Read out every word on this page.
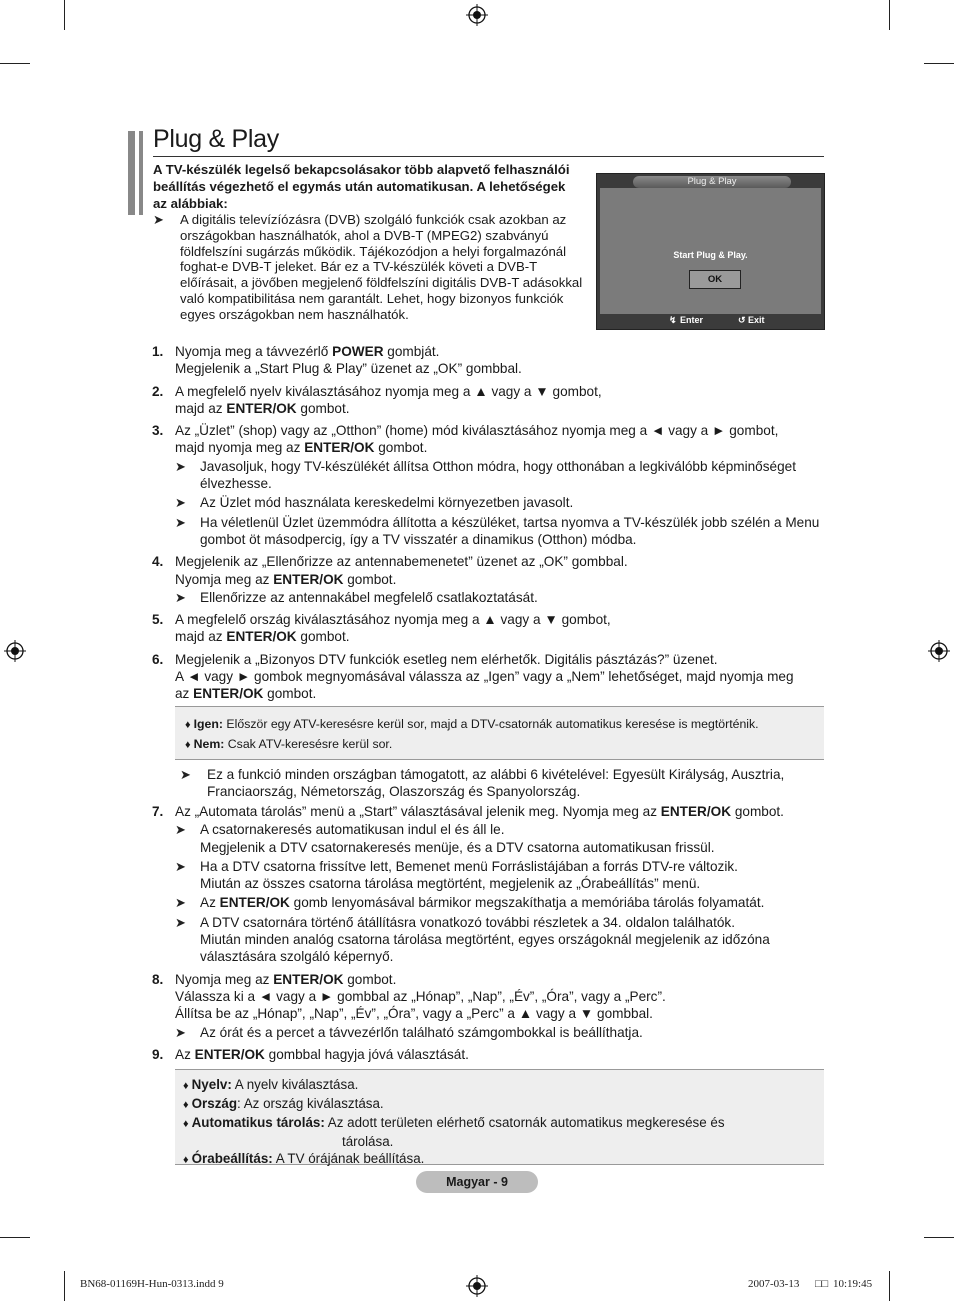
Plug & Play
A TV-készülék legelső bekapcsolásakor több alapvető felhasználói beállítás végezhető el egymás után automatikusan. A lehetőségek az alábbiak:
➤	A digitális televízíózásra (DVB) szolgáló funkciók csak azokban az országokban használhatók, ahol a DVB-T (MPEG2) szabványú földfelszíni sugárzás működik. Tájékozódjon a helyi forgalmazónál foghat-e DVB-T jeleket. Bár ez a TV-készülék követi a DVB-T előírásait, a jövőben megjelenő földfelszíni digitális DVB-T adásokkal való kompatibilitása nem garantált. Lehet, hogy bizonyos funkciók egyes országokban nem használhatók.
Plug & Play
Start Plug & Play.
OK
↯ Enter	↺ Exit
1. Nyomja meg a távvezérlő POWER gombját.
Megjelenik a „Start Plug & Play” üzenet az „OK” gombbal.
2. A megfelelő nyelv kiválasztásához nyomja meg a ▲ vagy a ▼ gombot,
majd az ENTER/OK gombot.
3. Az „Üzlet” (shop) vagy az „Otthon” (home) mód kiválasztásához nyomja meg a ◄ vagy a ► gombot,
majd nyomja meg az ENTER/OK gombot.
➤	Javasoljuk, hogy TV-készülékét állítsa Otthon módra, hogy otthonában a legkiválóbb képminőséget élvezhesse.
➤	Az Üzlet mód használata kereskedelmi környezetben javasolt.
➤	Ha véletlenül Üzlet üzemmódra állította a készüléket, tartsa nyomva a TV-készülék jobb szélén a Menu gombot öt másodpercig, így a TV visszatér a dinamikus (Otthon) módba.
4. Megjelenik az „Ellenőrizze az antennabemenetet” üzenet az „OK” gombbal.
Nyomja meg az ENTER/OK gombot.
➤	Ellenőrizze az antennakábel megfelelő csatlakoztatását.
5. A megfelelő ország kiválasztásához nyomja meg a ▲ vagy a ▼ gombot,
majd az ENTER/OK gombot.
6. Megjelenik a „Bizonyos DTV funkciók esetleg nem elérhetők. Digitális pásztázás?” üzenet.
A ◄ vagy ► gombok megnyomásával válassza az „Igen” vagy a „Nem” lehetőséget, majd nyomja meg
az ENTER/OK gombot.
♦ Igen: Először egy ATV-keresésre kerül sor, majd a DTV-csatornák automatikus keresése is megtörténik.
♦ Nem: Csak ATV-keresésre kerül sor.
➤	Ez a funkció minden országban támogatott, az alábbi 6 kivételével: Egyesült Királyság, Ausztria, Franciaország, Németország, Olaszország és Spanyolország.
7. Az „Automata tárolás” menü a „Start” választásával jelenik meg. Nyomja meg az ENTER/OK gombot.
➤	A csatornakeresés automatikusan indul el és áll le.
Megjelenik a DTV csatornakeresés menüje, és a DTV csatorna automatikusan frissül.
➤	Ha a DTV csatorna frissítve lett, Bemenet menü Forráslistájában a forrás DTV-re változik.
Miután az összes csatorna tárolása megtörtént, megjelenik az „Órabeállítás” menü.
➤	Az ENTER/OK gomb lenyomásával bármikor megszakíthatja a memóriába tárolás folyamatát.
➤	A DTV csatornára történő átállításra vonatkozó további részletek a 34. oldalon találhatók.
Miután minden analóg csatorna tárolása megtörtént, egyes országoknál megjelenik az időzóna választására szolgáló képernyő.
8. Nyomja meg az ENTER/OK gombot.
Válassza ki a ◄ vagy a ► gombbal az „Hónap”, „Nap”, „Év”, „Óra”, vagy a „Perc”.
Állítsa be az „Hónap”, „Nap”, „Év”, „Óra”, vagy a „Perc” a ▲ vagy a ▼ gombbal.
➤	Az órát és a percet a távvezérlőn található számgombokkal is beállíthatja.
9. Az ENTER/OK gombbal hagyja jóvá választását.
♦ Nyelv: A nyelv kiválasztása.
♦ Ország: Az ország kiválasztása.
♦ Automatikus tárolás: Az adott területen elérhető csatornák automatikus megkeresése és
tárolása.
♦ Órabeállítás: A TV órájának beállítása.
Magyar - 9
BN68-01169H-Hun-0313.indd 9	2007-03-13 □□ 10:19:45
